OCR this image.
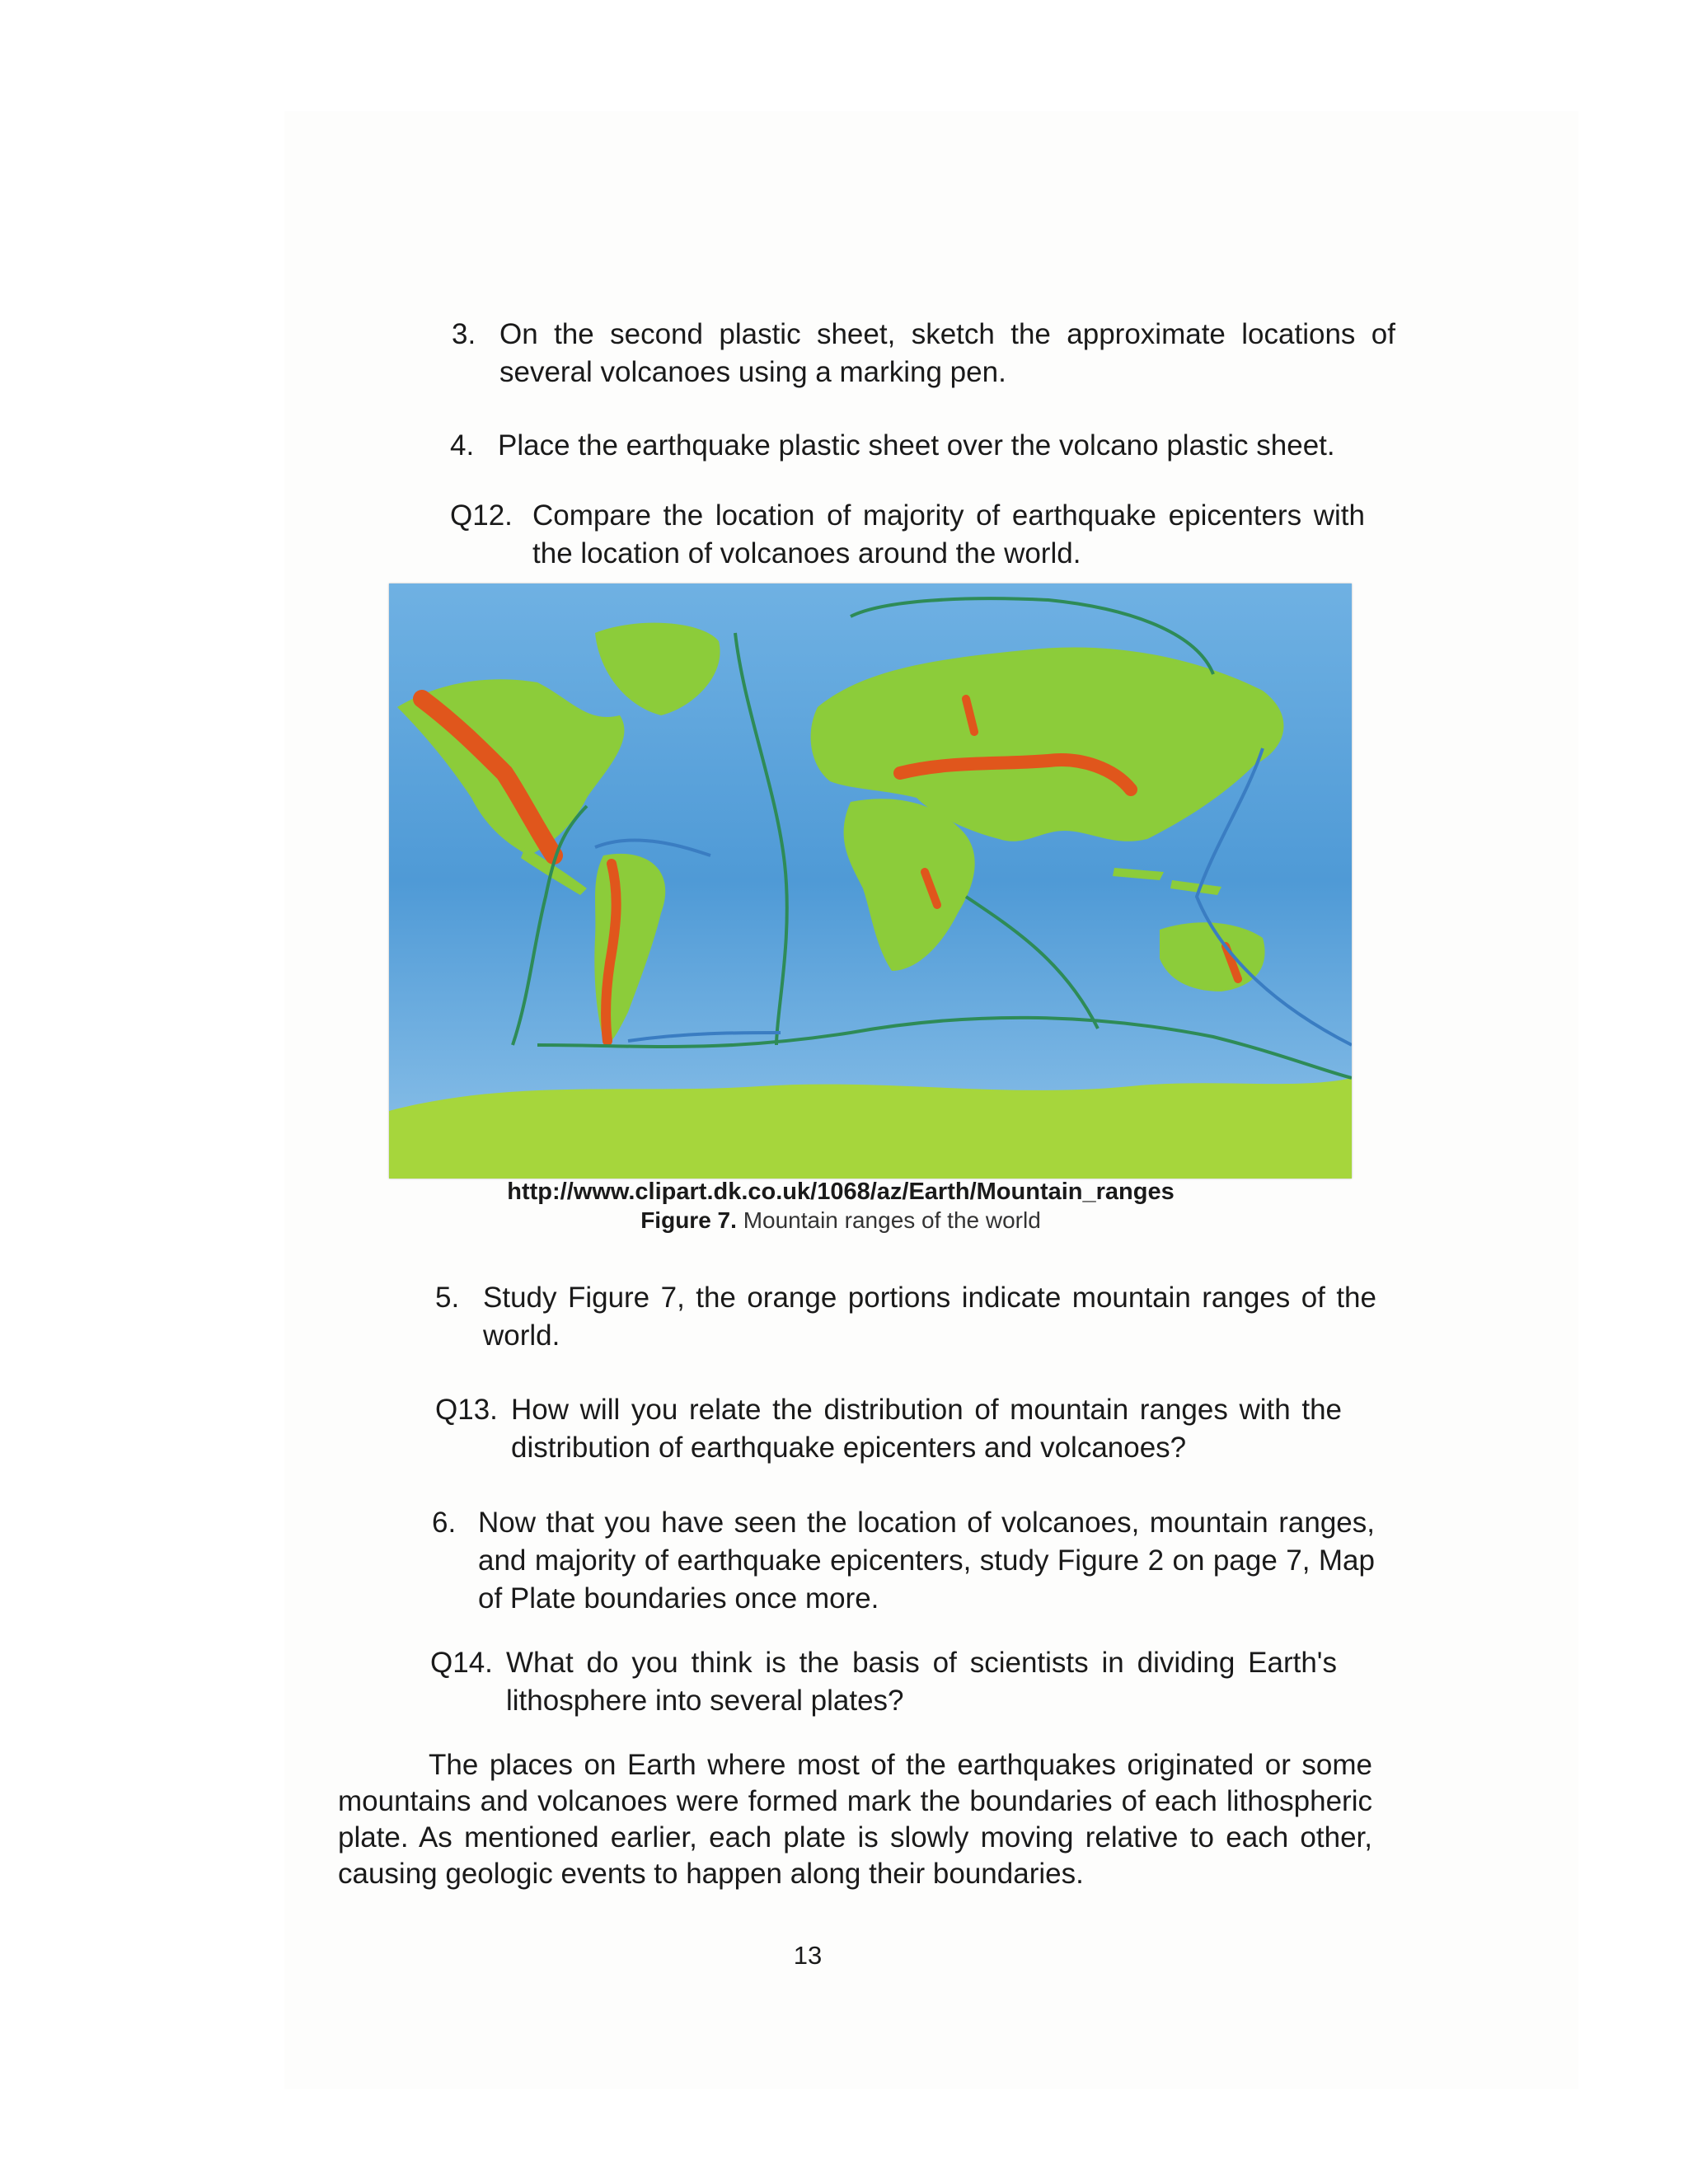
3. On the second plastic sheet, sketch the approximate locations of several volcanoes using a marking pen.
4. Place the earthquake plastic sheet over the volcano plastic sheet.
Q12. Compare the location of majority of earthquake epicenters with the location of volcanoes around the world.
http://www.clipart.dk.co.uk/1068/az/Earth/Mountain_ranges
Figure 7. Mountain ranges of the world
5. Study Figure 7, the orange portions indicate mountain ranges of the world.
Q13. How will you relate the distribution of mountain ranges with the distribution of earthquake epicenters and volcanoes?
6. Now that you have seen the location of volcanoes, mountain ranges, and majority of earthquake epicenters, study Figure 2 on page 7, Map of Plate boundaries once more.
Q14. What do you think is the basis of scientists in dividing Earth's lithosphere into several plates?
The places on Earth where most of the earthquakes originated or some mountains and volcanoes were formed mark the boundaries of each lithospheric plate. As mentioned earlier, each plate is slowly moving relative to each other, causing geologic events to happen along their boundaries.
13
